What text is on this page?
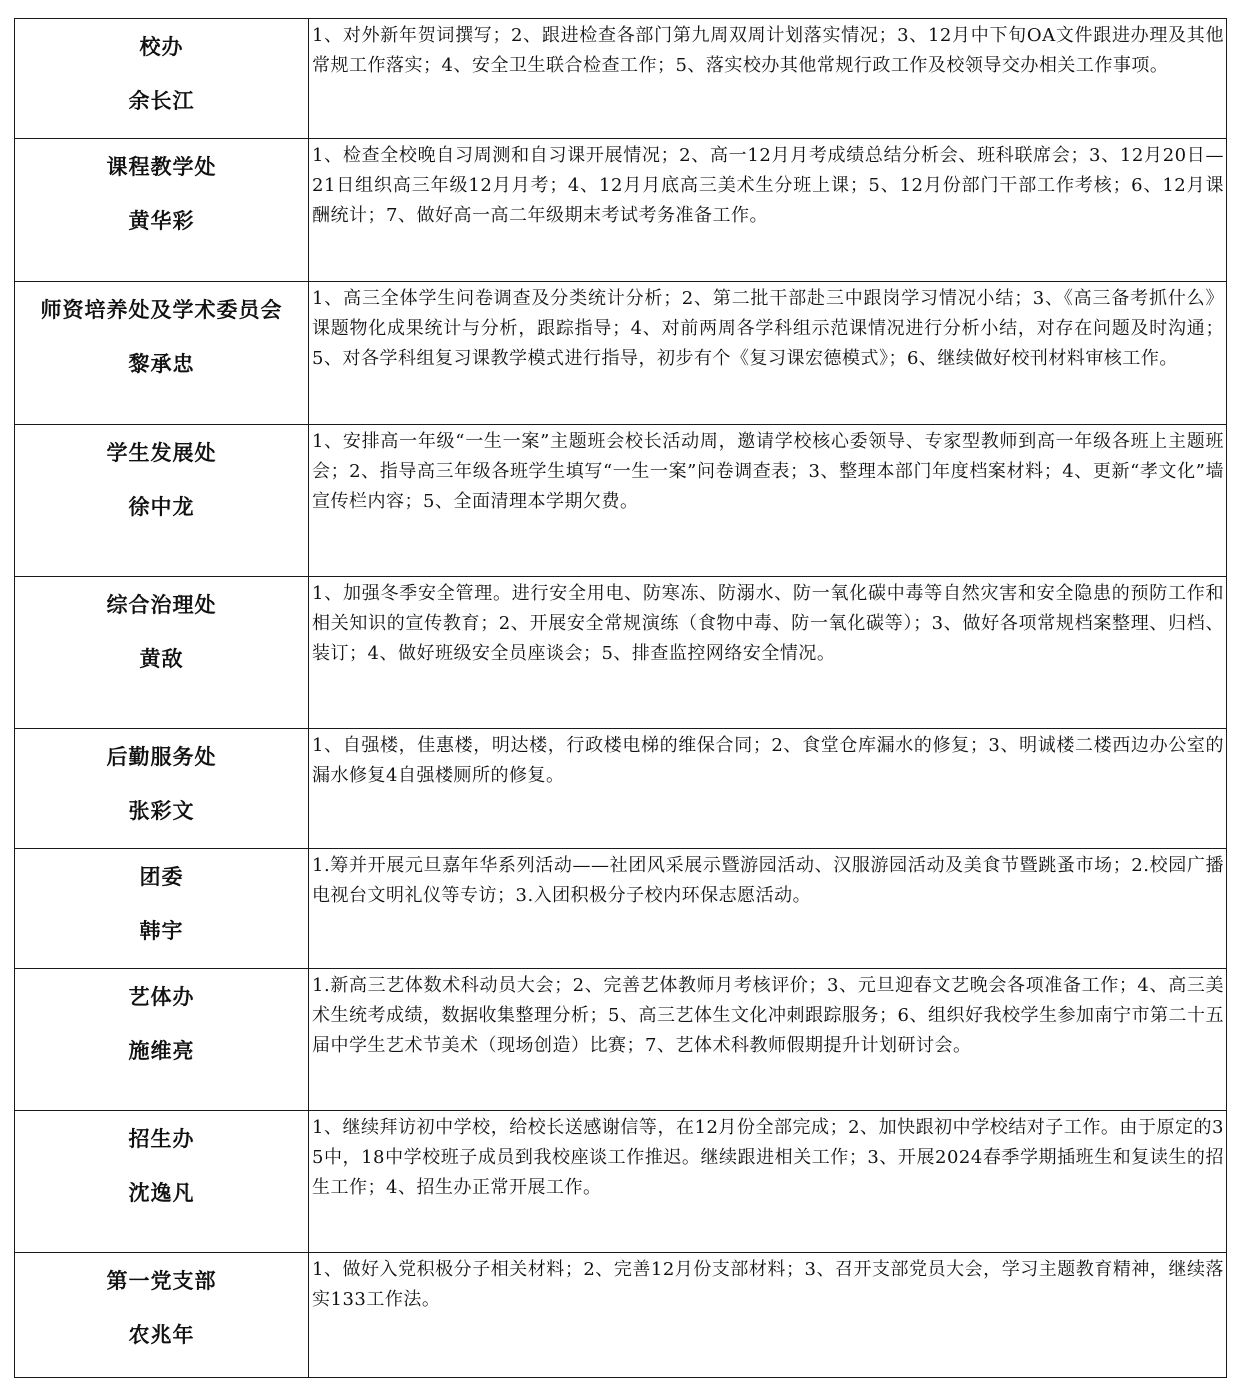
校办
余长江	1、对外新年贺词撰写；2、跟进检查各部门第九周双周计划落实情况；3、12月中下旬OA文件跟进办理及其他常规工作落实；4、安全卫生联合检查工作；5、落实校办其他常规行政工作及校领导交办相关工作事项。

课程教学处
黄华彩	1、检查全校晚自习周测和自习课开展情况；2、高一12月月考成绩总结分析会、班科联席会；3、12月20日—21日组织高三年级12月月考；4、12月月底高三美术生分班上课；5、12月份部门干部工作考核；6、12月课酬统计；7、做好高一高二年级期末考试考务准备工作。

师资培养处及学术委员会
黎承忠	1、高三全体学生问卷调查及分类统计分析；2、第二批干部赴三中跟岗学习情况小结；3、《高三备考抓什么》课题物化成果统计与分析，跟踪指导；4、对前两周各学科组示范课情况进行分析小结，对存在问题及时沟通；5、对各学科组复习课教学模式进行指导，初步有个《复习课宏德模式》；6、继续做好校刊材料审核工作。

学生发展处
徐中龙	1、安排高一年级“一生一案”主题班会校长活动周，邀请学校核心委领导、专家型教师到高一年级各班上主题班会；2、指导高三年级各班学生填写“一生一案”问卷调查表；3、整理本部门年度档案材料；4、更新“孝文化”墙宣传栏内容；5、全面清理本学期欠费。

综合治理处
黄敌	1、加强冬季安全管理。进行安全用电、防寒冻、防溺水、防一氧化碳中毒等自然灾害和安全隐患的预防工作和相关知识的宣传教育；2、开展安全常规演练（食物中毒、防一氧化碳等）；3、做好各项常规档案整理、归档、装订；4、做好班级安全员座谈会；5、排查监控网络安全情况。

后勤服务处
张彩文	1、自强楼，佳惠楼，明达楼，行政楼电梯的维保合同；2、食堂仓库漏水的修复；3、明诚楼二楼西边办公室的漏水修复4自强楼厕所的修复。

团委
韩宇	1.筹并开展元旦嘉年华系列活动——社团风采展示暨游园活动、汉服游园活动及美食节暨跳蚤市场；2.校园广播电视台文明礼仪等专访；3.入团积极分子校内环保志愿活动。

艺体办
施维亮	1.新高三艺体数术科动员大会；2、完善艺体教师月考核评价；3、元旦迎春文艺晚会各项准备工作；4、高三美术生统考成绩，数据收集整理分析；5、高三艺体生文化冲刺跟踪服务；6、组织好我校学生参加南宁市第二十五届中学生艺术节美术（现场创造）比赛；7、艺体术科教师假期提升计划研讨会。

招生办
沈逸凡	1、继续拜访初中学校，给校长送感谢信等，在12月份全部完成；2、加快跟初中学校结对子工作。由于原定的35中，18中学校班子成员到我校座谈工作推迟。继续跟进相关工作；3、开展2024春季学期插班生和复读生的招生工作；4、招生办正常开展工作。

第一党支部
农兆年	1、做好入党积极分子相关材料；2、完善12月份支部材料；3、召开支部党员大会，学习主题教育精神，继续落实133工作法。
